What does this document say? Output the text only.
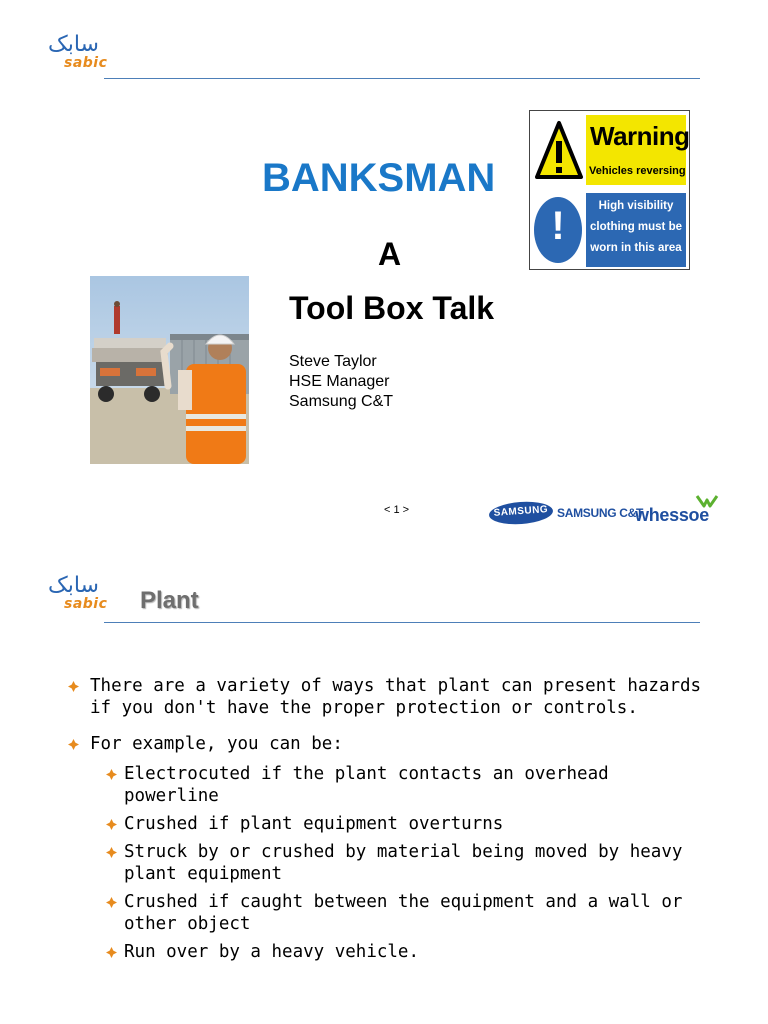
سابک
sabic
BANKSMAN
A
Tool Box Talk
Steve Taylor
HSE Manager
Samsung C&T
Warning
Vehicles reversing
!	High visibility
clothing must be
worn in this area
< 1 >	SAMSUNG SAMSUNG C&T
whessoe
سابک
sabic Plant
There are a variety of ways that plant can present hazards if you don't have the proper protection or controls.
For example, you can be:
Electrocuted if the plant contacts an overhead powerline
Crushed if plant equipment overturns
Struck by or crushed by material being moved by heavy plant equipment
Crushed if caught between the equipment and a wall or other object
Run over by a heavy vehicle.
